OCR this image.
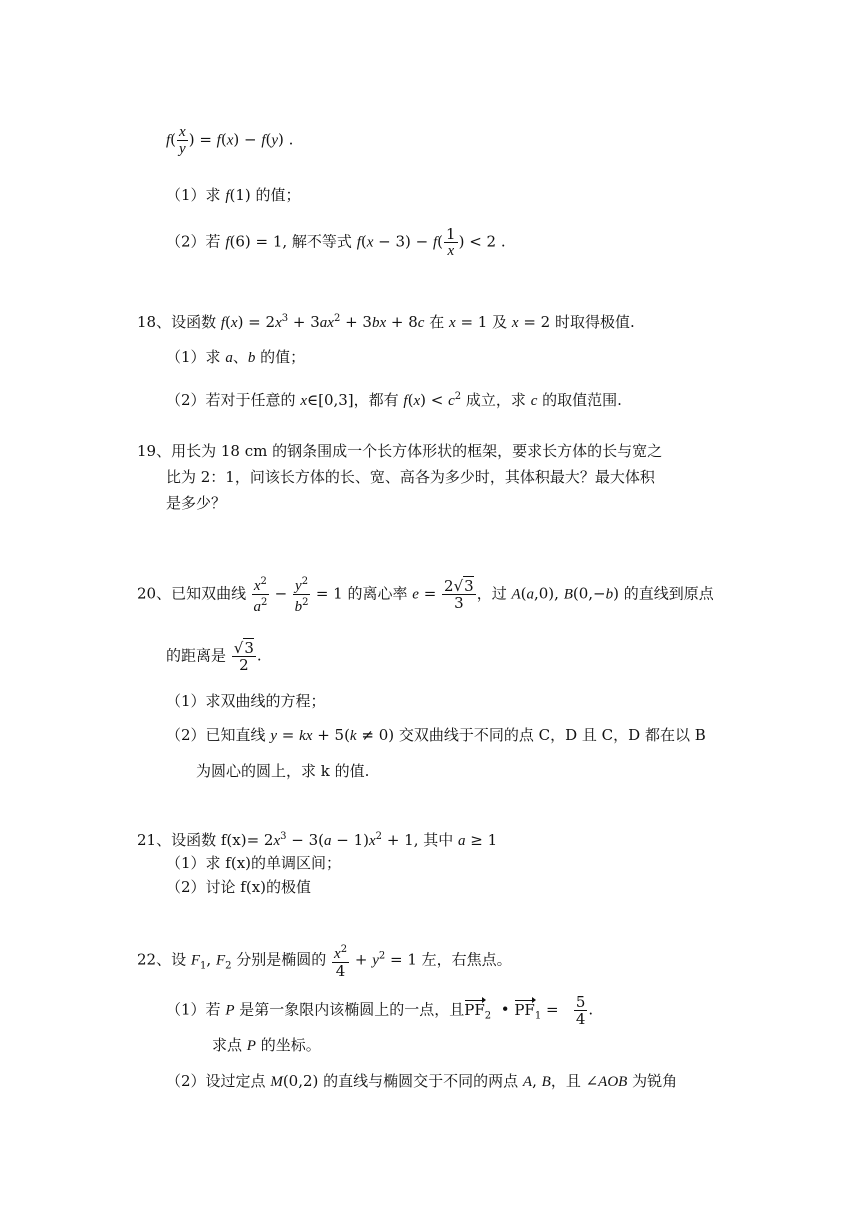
$f( \frac{x}{y}$ ) = f(x) − f(y) .
（1）求 f(1) 的值；
（2）若 f(6) = 1, 解不等式 $f(x - 3) - f( \frac{1}{x}$ ) < 2 .
18、设函数 $f(x) = 2x^3 + 3ax^2 + 3bx + 8c$ 在 x = 1 及 x = 2 时取得极值.
（1）求 a、b 的值；
（2）若对于任意的 x∈[0,3]，都有 $f(x) < c^2$ 成立，求 c 的取值范围.
19、用长为 18 cm 的钢条围成一个长方体形状的框架，要求长方体的长与宽之
比为 2：1，问该长方体的长、宽、高各为多少时，其体积最大？最大体积
是多少？
20、已知双曲线 $\frac{x^2}{a^2} - \frac{y^2}{b^2} = 1$ 的离心率 $e = \frac{2√3}{3}$ ，过 A(a,0), B(0,−b) 的直线到原点
的距离是 $\frac{√3}{2}$ .
（1）求双曲线的方程；
（2）已知直线 y = kx + 5(k ≠ 0) 交双曲线于不同的点 C，D 且 C，D 都在以 B
为圆心的圆上，求 k 的值.
21、设函数 $f(x)= 2x^3 - 3(a - 1)x^2 + 1$, 其中 a ≥ 1
（1）求 f(x)的单调区间；
（2）讨论 f(x)的极值
22、设 $F_1$, $F_2$ 分别是椭圆的 $\frac{x^2}{4} + y^2 = 1$ 左，右焦点。
（1）若 P 是第一象限内该椭圆上的一点，且$PF_2$  • $PF_1 = \frac{5}{4}$ .
求点 P 的坐标。
（2）设过定点 M(0,2) 的直线与椭圆交于不同的两点 A, B，且 ∠AOB 为锐角
